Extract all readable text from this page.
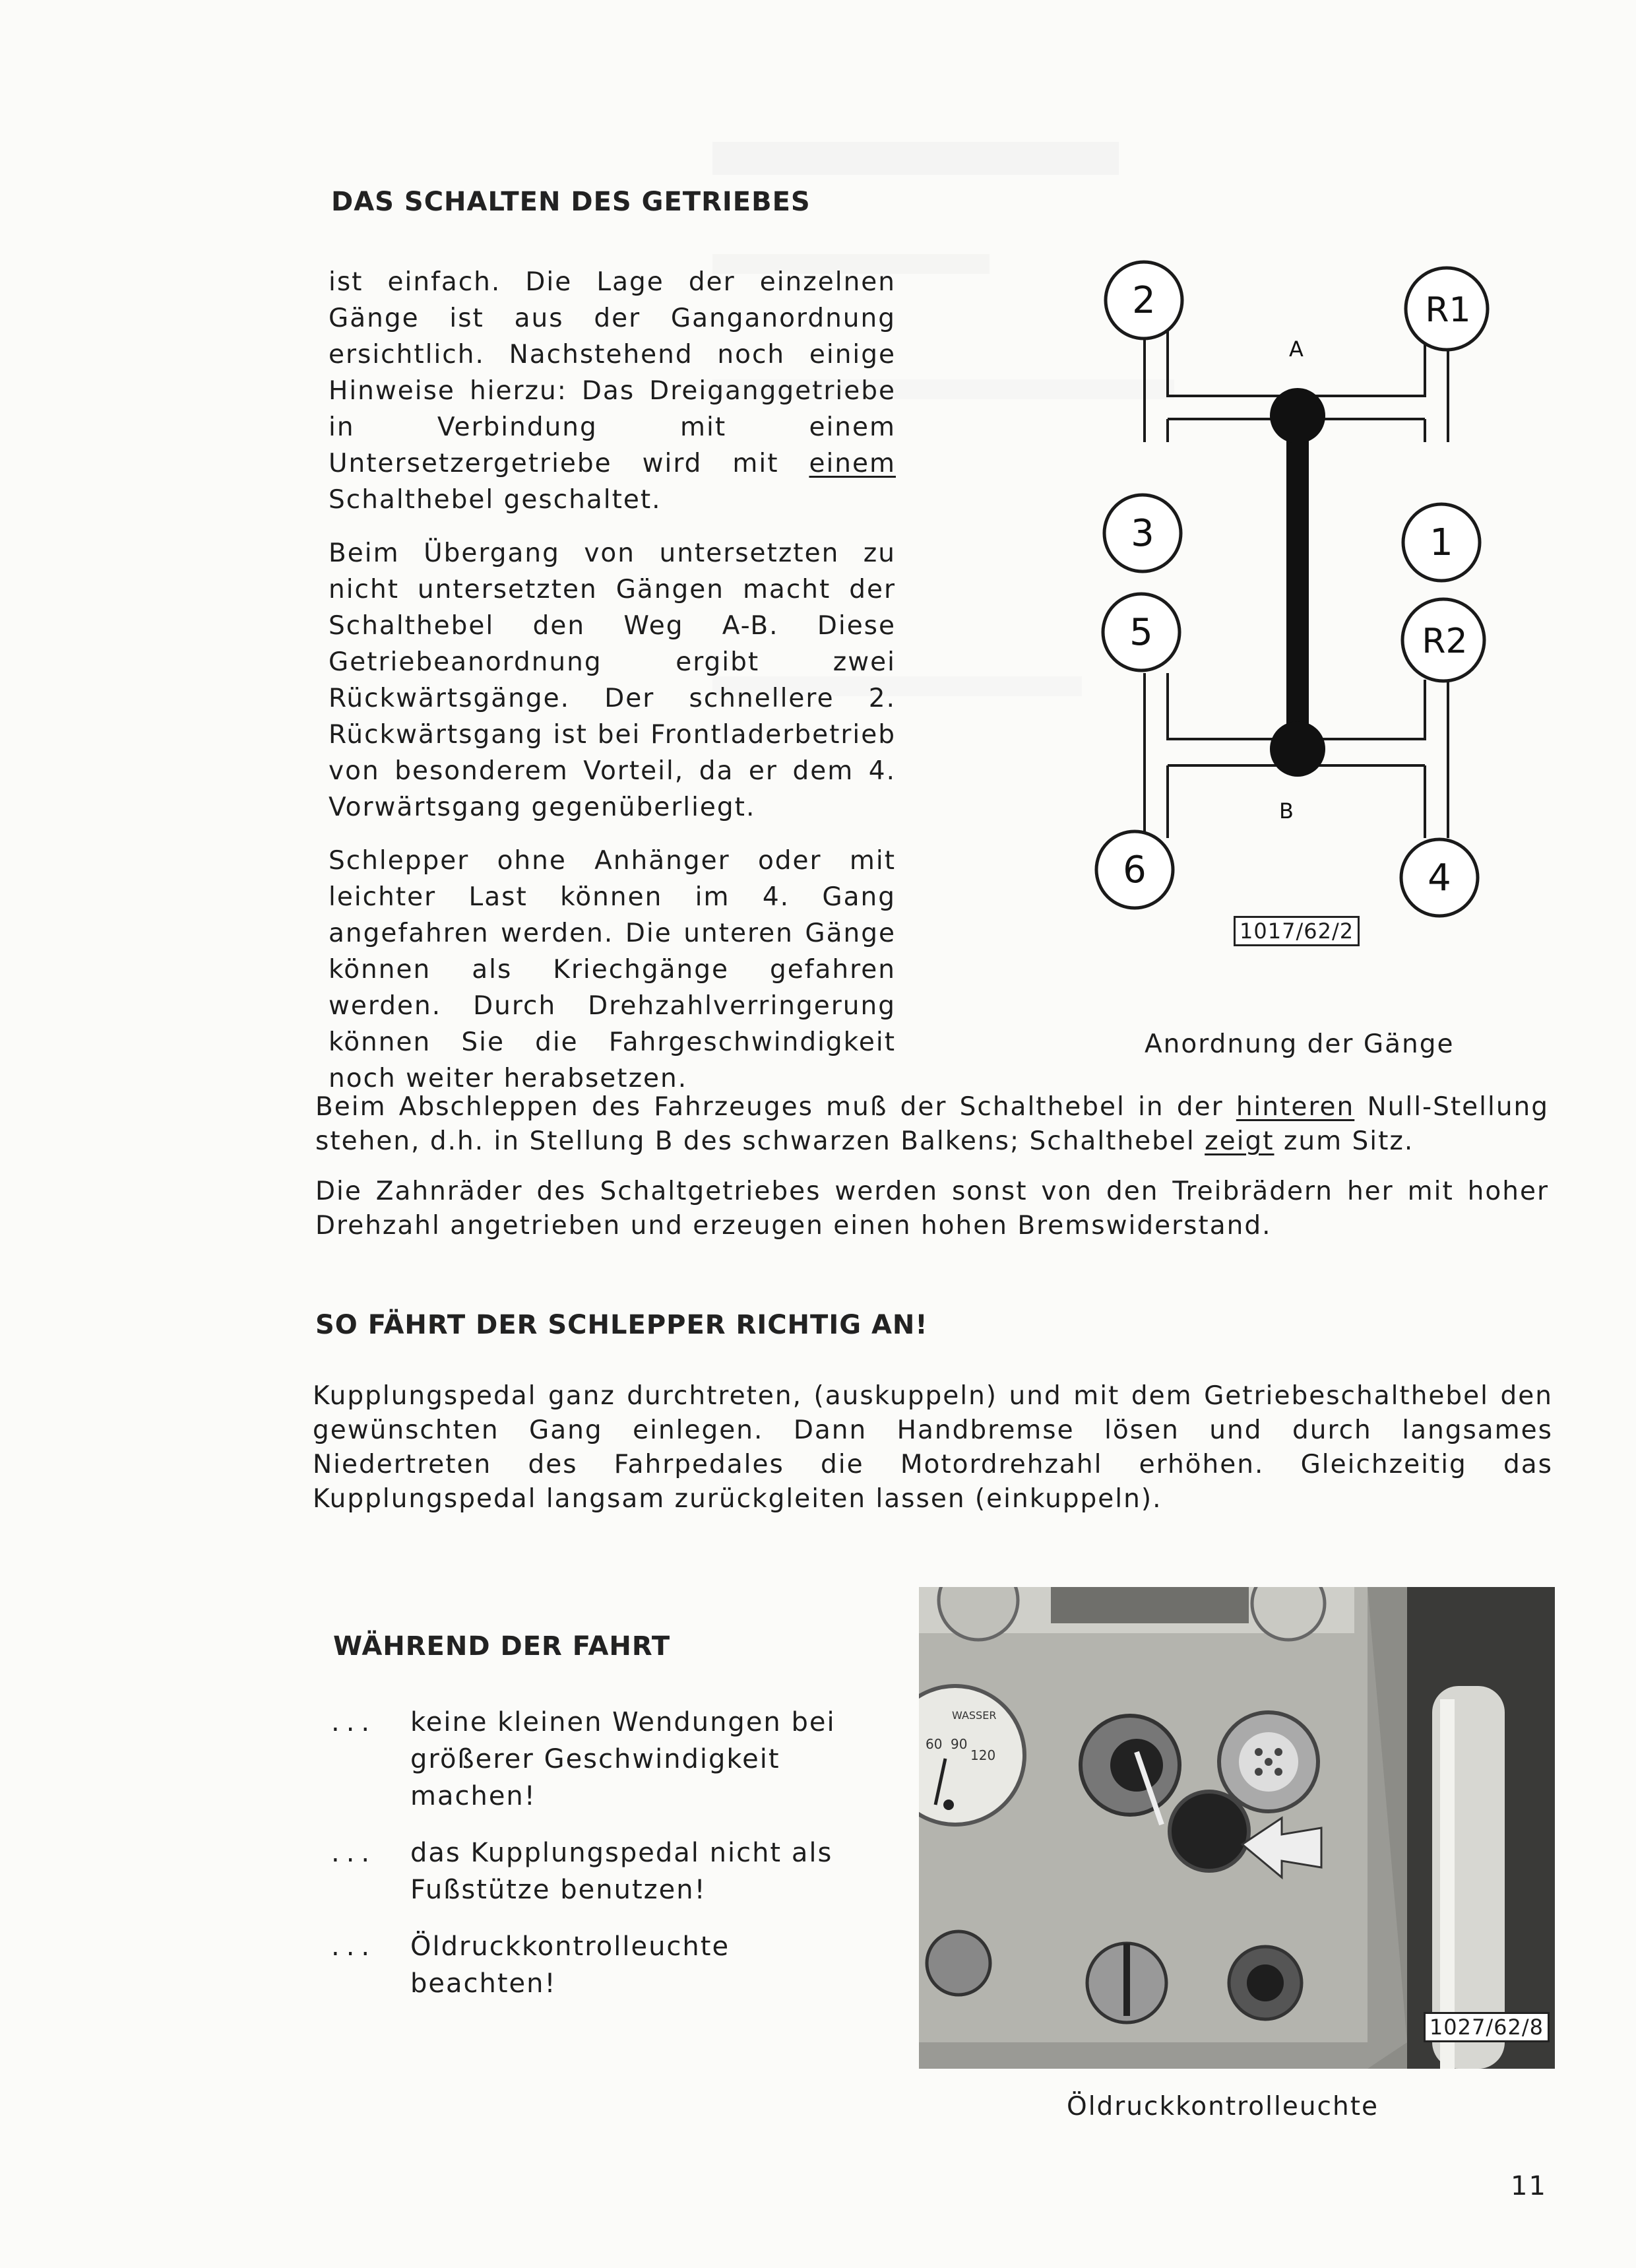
DAS SCHALTEN DES GETRIEBES

ist einfach. Die Lage der einzelnen Gänge ist aus der Ganganordnung ersichtlich. Nachstehend noch einige Hinweise hierzu: Das Dreiganggetriebe in Verbindung mit einem Untersetzergetriebe wird mit einem Schalthebel geschaltet.

Beim Übergang von untersetzten zu nicht untersetzten Gängen macht der Schalthebel den Weg A-B. Diese Getriebeanordnung ergibt zwei Rückwärtsgänge. Der schnellere 2. Rückwärtsgang ist bei Frontladerbetrieb von besonderem Vorteil, da er dem 4. Vorwärtsgang gegenüberliegt.

Schlepper ohne Anhänger oder mit leichter Last können im 4. Gang angefahren werden. Die unteren Gänge können als Kriechgänge gefahren werden. Durch Drehzahlverringerung können Sie die Fahrgeschwindigkeit noch weiter herabsetzen.

2	R1
3	1
5	R2
6	4
A
B
1017/62/2
Anordnung der Gänge

Beim Abschleppen des Fahrzeuges muß der Schalthebel in der hinteren Null-Stellung stehen, d.h. in Stellung B des schwarzen Balkens; Schalthebel zeigt zum Sitz.

Die Zahnräder des Schaltgetriebes werden sonst von den Treibrädern her mit hoher Drehzahl angetrieben und erzeugen einen hohen Bremswiderstand.

SO FÄHRT DER SCHLEPPER RICHTIG AN!

Kupplungspedal ganz durchtreten, (auskuppeln) und mit dem Getriebeschalthebel den gewünschten Gang einlegen. Dann Handbremse lösen und durch langsames Niedertreten des Fahrpedales die Motordrehzahl erhöhen. Gleichzeitig das Kupplungspedal langsam zurückgleiten lassen (einkuppeln).

WÄHREND DER FAHRT
...	keine kleinen Wendungen bei größerer Geschwindigkeit machen!
...	das Kupplungspedal nicht als Fußstütze benutzen!
...	Öldruckkontrolleuchte beachten!
WASSER
60 90
120
1027/62/8
Öldruckkontrolleuchte
11
